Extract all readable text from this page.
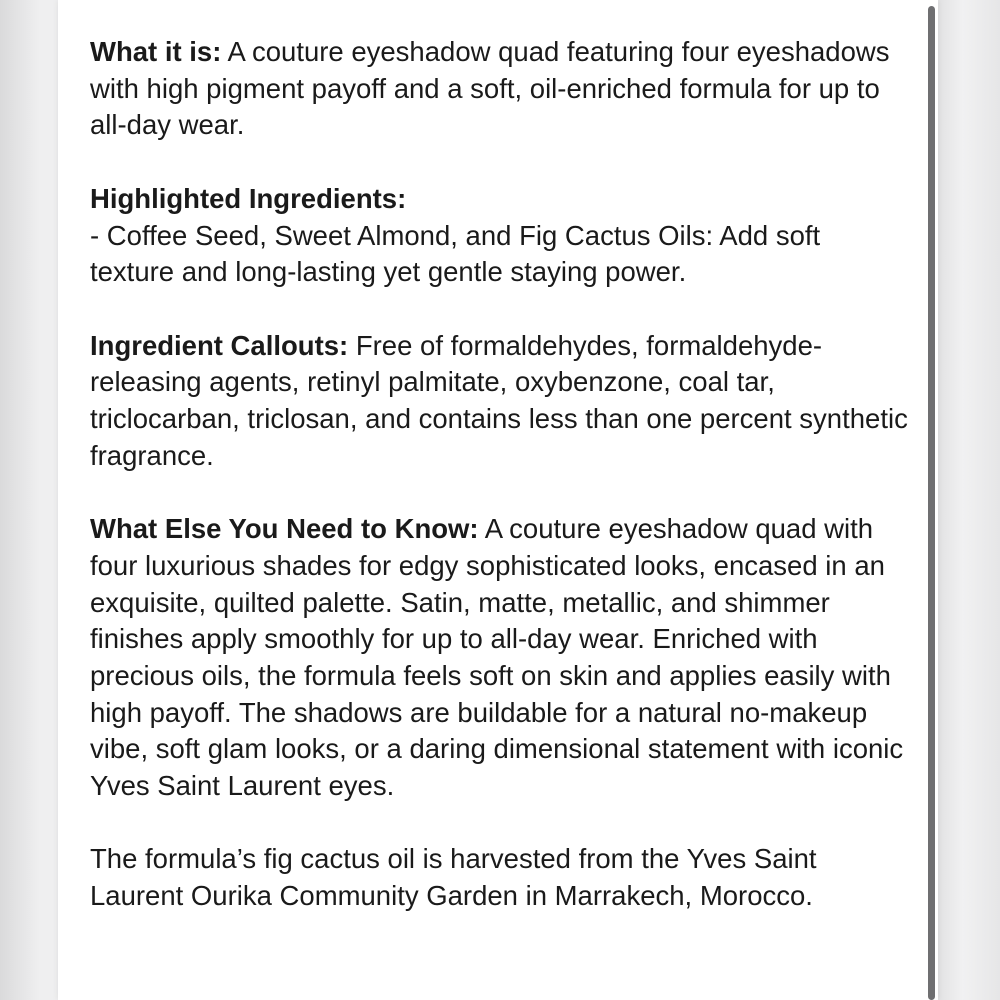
What it is: A couture eyeshadow quad featuring four eyeshadows with high pigment payoff and a soft, oil-enriched formula for up to all-day wear.

Highlighted Ingredients:
- Coffee Seed, Sweet Almond, and Fig Cactus Oils: Add soft texture and long-lasting yet gentle staying power.

Ingredient Callouts: Free of formaldehydes, formaldehyde-releasing agents, retinyl palmitate, oxybenzone, coal tar, triclocarban, triclosan, and contains less than one percent synthetic fragrance.

What Else You Need to Know: A couture eyeshadow quad with four luxurious shades for edgy sophisticated looks, encased in an exquisite, quilted palette. Satin, matte, metallic, and shimmer finishes apply smoothly for up to all-day wear. Enriched with precious oils, the formula feels soft on skin and applies easily with high payoff. The shadows are buildable for a natural no-makeup vibe, soft glam looks, or a daring dimensional statement with iconic Yves Saint Laurent eyes.

The formula’s fig cactus oil is harvested from the Yves Saint Laurent Ourika Community Garden in Marrakech, Morocco.
